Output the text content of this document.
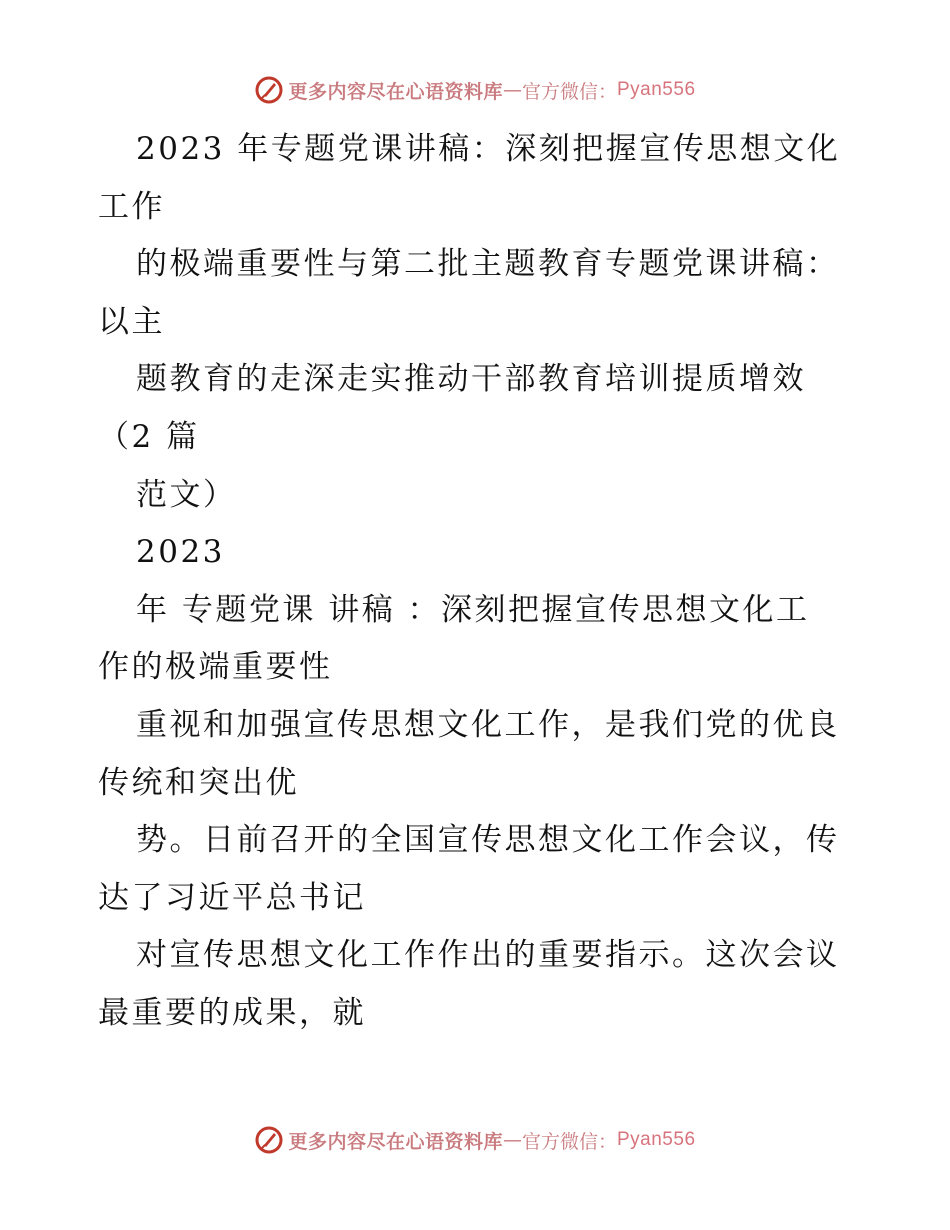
更多内容尽在心语资料库 — 官方微信： Pyan556
2023 年专题党课讲稿：深刻把握宣传思想文化
工作
的极端重要性与第二批主题教育专题党课讲稿：
以主
题教育的走深走实推动干部教育培训提质增效
（2 篇
范文）
2023
年 专题党课 讲稿 ：深刻把握宣传思想文化工
作的极端重要性
重视和加强宣传思想文化工作，是我们党的优良
传统和突出优
势。日前召开的全国宣传思想文化工作会议，传
达了习近平总书记
对宣传思想文化工作作出的重要指示。这次会议
最重要的成果，就
更多内容尽在心语资料库 — 官方微信： Pyan556
